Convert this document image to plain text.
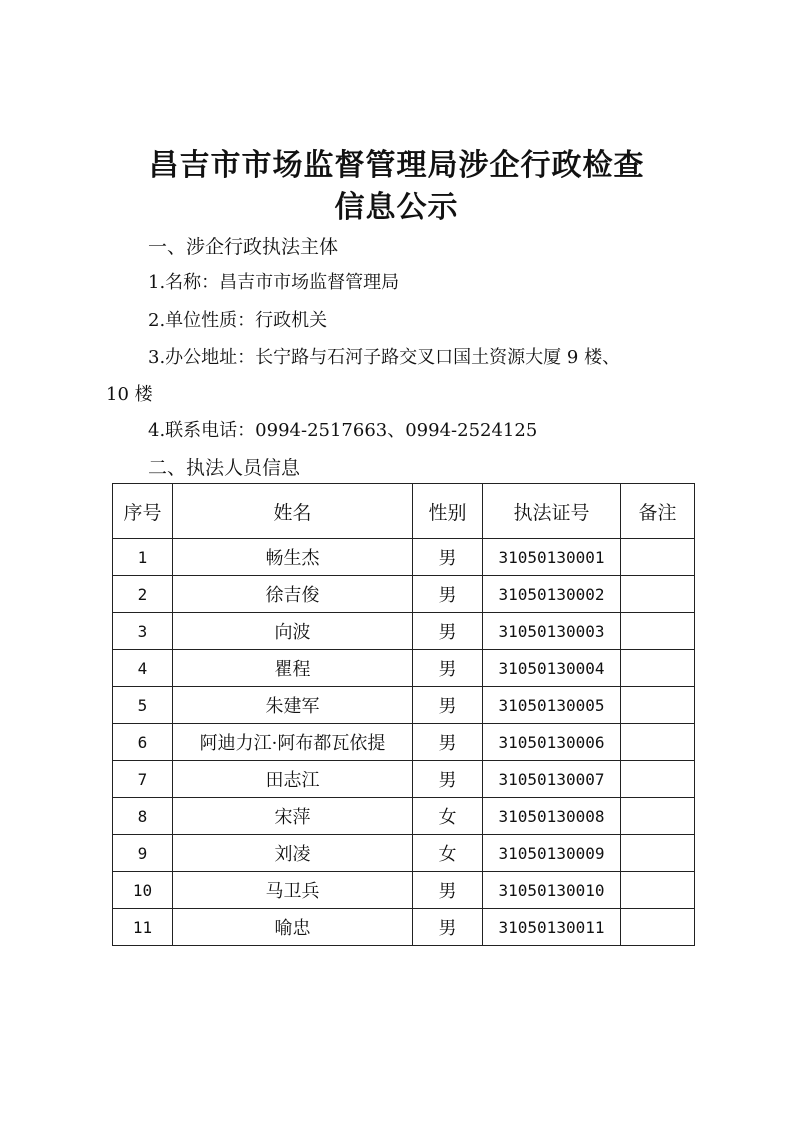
昌吉市市场监督管理局涉企行政检查
信息公示
一、涉企行政执法主体
1.名称：昌吉市市场监督管理局
2.单位性质：行政机关
3.办公地址：长宁路与石河子路交叉口国土资源大厦 9 楼、
10 楼
4.联系电话：0994-2517663、0994-2524125
二、执法人员信息
序号	姓名	性别	执法证号	备注
1	畅生杰	男	31050130001	
2	徐吉俊	男	31050130002	
3	向波	男	31050130003	
4	瞿程	男	31050130004	
5	朱建军	男	31050130005	
6	阿迪力江·阿布都瓦依提	男	31050130006	
7	田志江	男	31050130007	
8	宋萍	女	31050130008	
9	刘凌	女	31050130009	
10	马卫兵	男	31050130010	
11	喻忠	男	31050130011	
